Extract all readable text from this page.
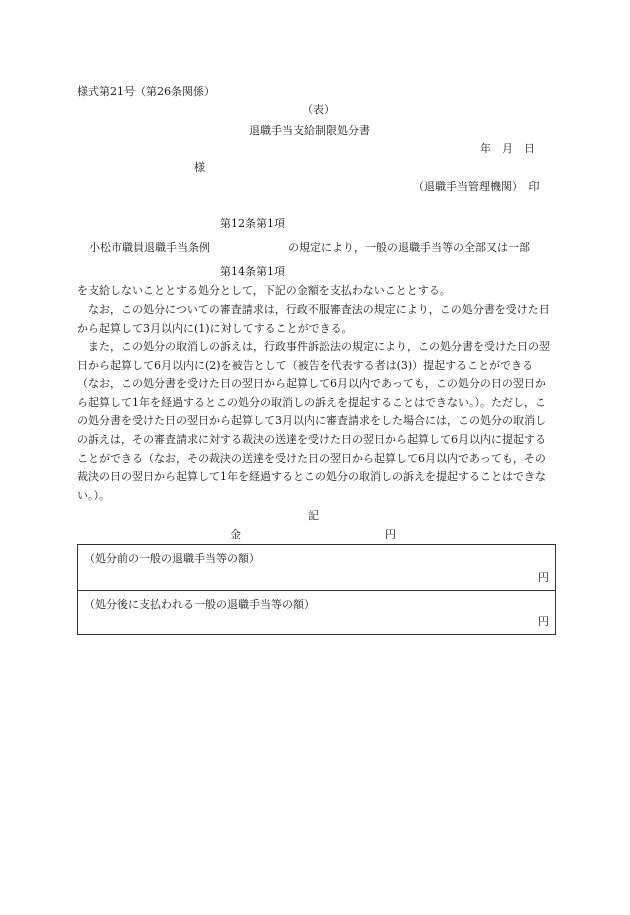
様式第21号（第26条関係）
（表）
退職手当支給制限処分書
年　月　日
様
（退職手当管理機関）　印
第12条第1項
小松市職員退職手当条例	の規定により，一般の退職手当等の全部又は一部
第14条第1項
を支給しないこととする処分として，下記の金額を支払わないこととする。
なお，この処分についての審査請求は，行政不服審査法の規定により，この処分書を受けた日から起算して3月以内に(1)に対してすることができる。
また，この処分の取消しの訴えは，行政事件訴訟法の規定により，この処分書を受けた日の翌日から起算して6月以内に(2)を被告として（被告を代表する者は(3)）提起することができる（なお，この処分書を受けた日の翌日から起算して6月以内であっても，この処分の日の翌日から起算して1年を経過するとこの処分の取消しの訴えを提起することはできない。）。ただし，この処分書を受けた日の翌日から起算して3月以内に審査請求をした場合には，この処分の取消しの訴えは，その審査請求に対する裁決の送達を受けた日の翌日から起算して6月以内に提起することができる（なお，その裁決の送達を受けた日の翌日から起算して6月以内であっても，その裁決の日の翌日から起算して1年を経過するとこの処分の取消しの訴えを提起することはできない。）。
記
金	円
（処分前の一般の退職手当等の額）
円
（処分後に支払われる一般の退職手当等の額）
円
